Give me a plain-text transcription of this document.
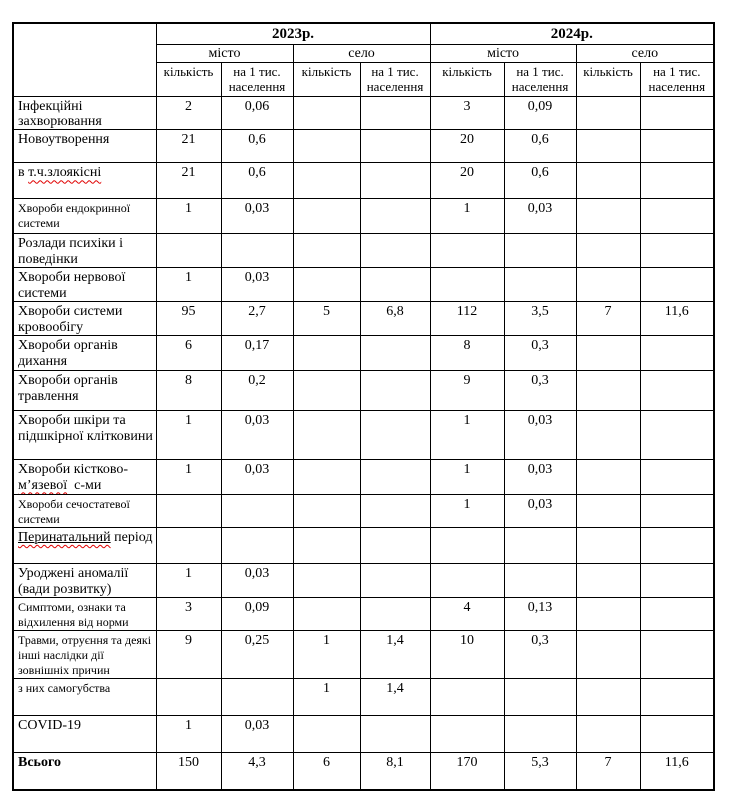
	2023р.				2024р.			
	місто		село		місто		село	
	кількість	на 1 тис. населення	кількість	на 1 тис. населення	кількість	на 1 тис. населення	кількість	на 1 тис. населення
Інфекційні захворювання	2	0,06			3	0,09		
Новоутворення	21	0,6			20	0,6		
в т.ч.злоякісні	21	0,6			20	0,6		
Хвороби ендокринної системи	1	0,03			1	0,03		
Розлади психіки і поведінки								
Хвороби нервової системи	1	0,03						
Хвороби системи кровообігу	95	2,7	5	6,8	112	3,5	7	11,6
Хвороби органів дихання	6	0,17			8	0,3		
Хвороби органів травлення	8	0,2			9	0,3		
Хвороби шкіри та підшкірної клітковини	1	0,03			1	0,03		
Хвороби кістково-м’язевої  с-ми	1	0,03			1	0,03		
Хвороби сечостатевої системи					1	0,03		
Перинатальний період								
Уроджені аномалії (вади розвитку)	1	0,03						
Симптоми, ознаки та відхилення від норми	3	0,09			4	0,13		
Травми, отруєння та деякі інші наслідки дії зовнішніх причин	9	0,25	1	1,4	10	0,3		
з них самогубства			1	1,4				
COVID-19	1	0,03						
Всього	150	4,3	6	8,1	170	5,3	7	11,6
